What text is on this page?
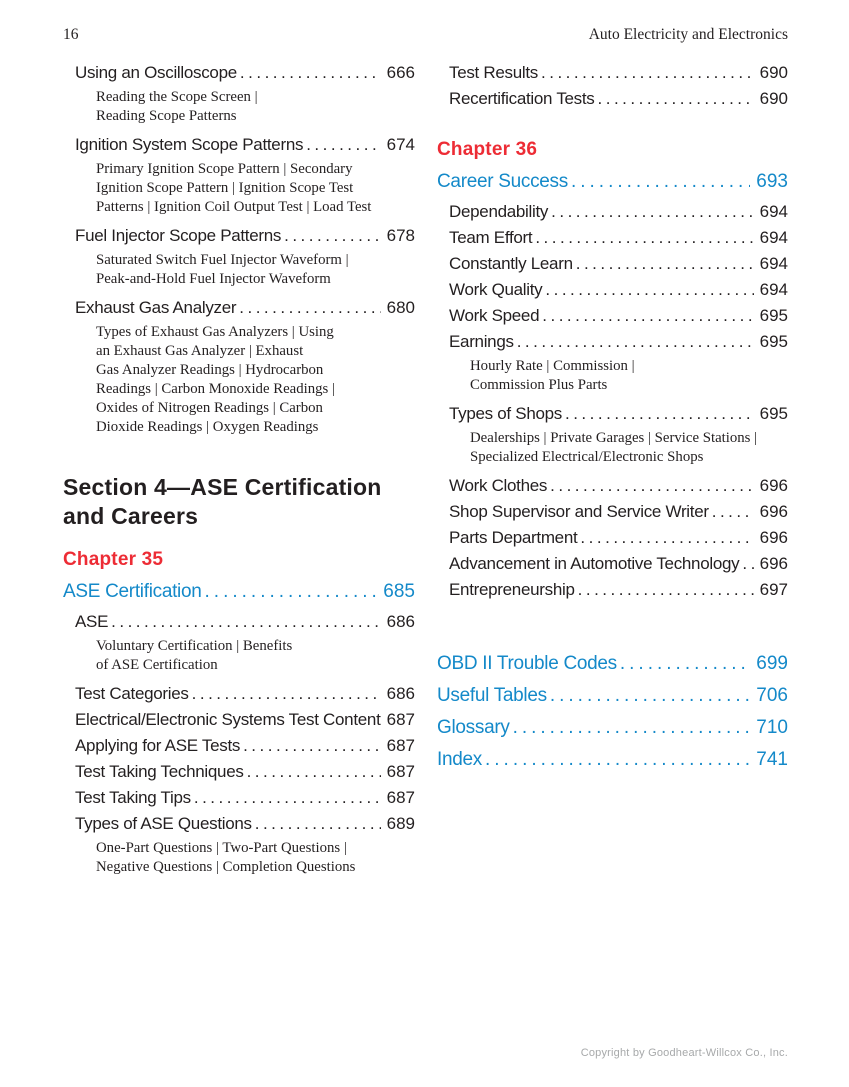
16	Auto Electricity and Electronics
Using an Oscilloscope .....	666
Reading the Scope Screen |
Reading Scope Patterns
Ignition System Scope Patterns .....	674
Primary Ignition Scope Pattern | Secondary
Ignition Scope Pattern | Ignition Scope Test
Patterns | Ignition Coil Output Test | Load Test
Fuel Injector Scope Patterns .....	678
Saturated Switch Fuel Injector Waveform |
Peak-and-Hold Fuel Injector Waveform
Exhaust Gas Analyzer .....	680
Types of Exhaust Gas Analyzers | Using
an Exhaust Gas Analyzer | Exhaust
Gas Analyzer Readings | Hydrocarbon
Readings | Carbon Monoxide Readings |
Oxides of Nitrogen Readings | Carbon
Dioxide Readings | Oxygen Readings
Section 4—ASE Certification
and Careers
Chapter 35
ASE Certification .....	685
ASE .....	686
Voluntary Certification | Benefits
of ASE Certification
Test Categories .....	686
Electrical/Electronic Systems Test Content ..... 687
Applying for ASE Tests .....	687
Test Taking Techniques .....	687
Test Taking Tips .....	687
Types of ASE Questions .....	689
One-Part Questions | Two-Part Questions |
Negative Questions | Completion Questions
Test Results .....	690
Recertification Tests .....	690
Chapter 36
Career Success .....	693
Dependability .....	694
Team Effort .....	694
Constantly Learn .....	694
Work Quality .....	694
Work Speed .....	695
Earnings .....	695
Hourly Rate | Commission |
Commission Plus Parts
Types of Shops .....	695
Dealerships | Private Garages | Service Stations |
Specialized Electrical/Electronic Shops
Work Clothes .....	696
Shop Supervisor and Service Writer .....	696
Parts Department .....	696
Advancement in Automotive Technology .....	696
Entrepreneurship .....	697
OBD II Trouble Codes .....	699
Useful Tables .....	706
Glossary .....	710
Index .....	741
Copyright by Goodheart-Willcox Co., Inc.
